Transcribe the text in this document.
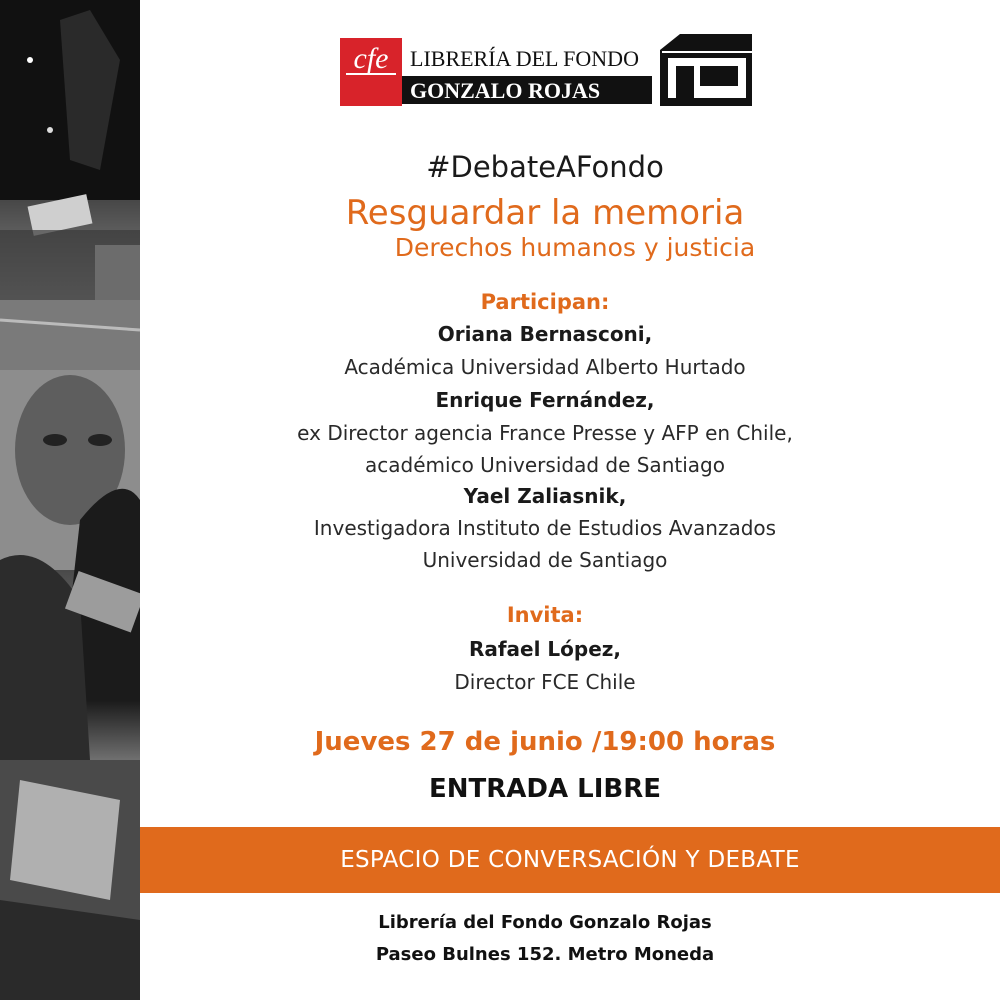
cfe LIBRERÍA DEL FONDO
GONZALO ROJAS
#DebateAFondo
Resguardar la memoria
Derechos humanos y justicia
Participan:
Oriana Bernasconi,
Académica Universidad Alberto Hurtado
Enrique Fernández,
ex Director agencia France Presse y AFP en Chile,
académico Universidad de Santiago
Yael Zaliasnik,
Investigadora Instituto de Estudios Avanzados
Universidad de Santiago
Invita:
Rafael López,
Director FCE Chile
Jueves 27 de junio /19:00 horas
ENTRADA LIBRE
ESPACIO DE CONVERSACIÓN Y DEBATE
Librería del Fondo Gonzalo Rojas
Paseo Bulnes 152. Metro Moneda
